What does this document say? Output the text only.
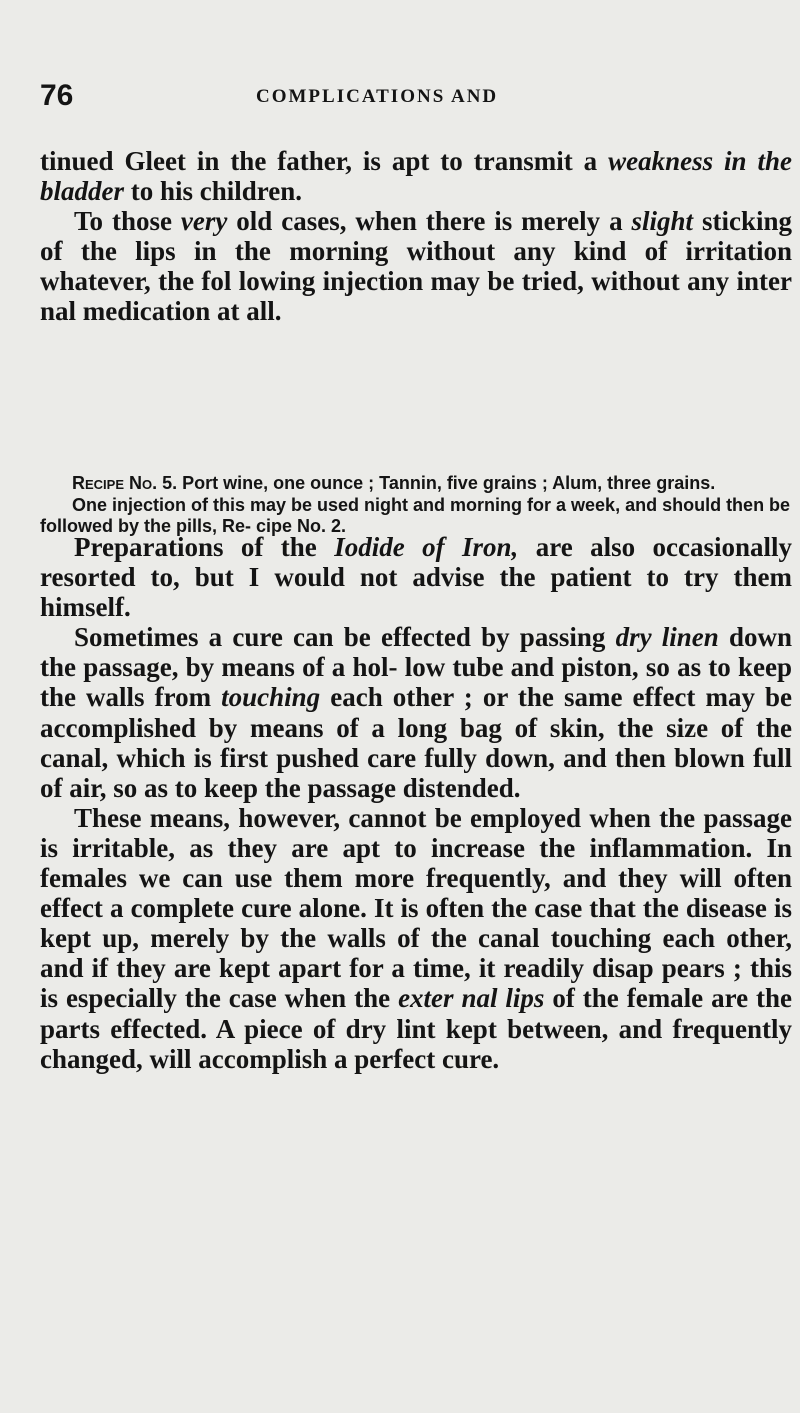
76	COMPLICATIONS AND

tinued Gleet in the father, is apt to transmit a weakness in the bladder to his children.

To those very old cases, when there is merely a slight sticking of the lips in the morning without any kind of irritation whatever, the fol lowing injection may be tried, without any inter nal medication at all.

Recipe No. 5. Port wine, one ounce ; Tannin, five grains ; Alum, three grains.

One injection of this may be used night and morning for a week, and should then be followed by the pills, Re- cipe No. 2.

Preparations of the Iodide of Iron, are also occasionally resorted to, but I would not advise the patient to try them himself.

Sometimes a cure can be effected by passing dry linen down the passage, by means of a hol- low tube and piston, so as to keep the walls from touching each other ; or the same effect may be accomplished by means of a long bag of skin, the size of the canal, which is first pushed care fully down, and then blown full of air, so as to keep the passage distended.

These means, however, cannot be employed when the passage is irritable, as they are apt to increase the inflammation. In females we can use them more frequently, and they will often effect a complete cure alone. It is often the case that the disease is kept up, merely by the walls of the canal touching each other, and if they are kept apart for a time, it readily disap pears ; this is especially the case when the exter nal lips of the female are the parts effected. A piece of dry lint kept between, and frequently changed, will accomplish a perfect cure.
